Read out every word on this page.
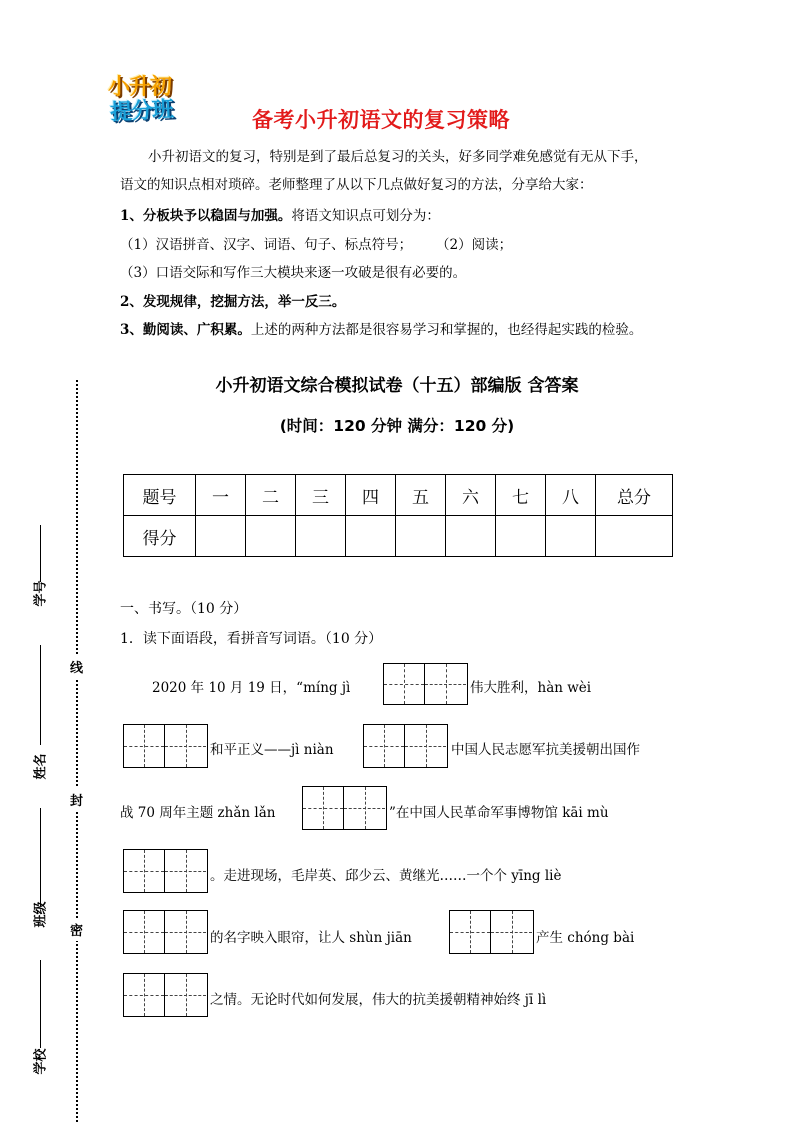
小升初
提分班	备考小升初语文的复习策略
小升初语文的复习，特别是到了最后总复习的关头，好多同学难免感觉有无从下手，
语文的知识点相对琐碎。老师整理了从以下几点做好复习的方法，分享给大家：
1、分板块予以稳固与加强。将语文知识点可划分为：
（1）汉语拼音、汉字、词语、句子、标点符号； （2）阅读；
（3）口语交际和写作三大模块来逐一攻破是很有必要的。
2、发现规律，挖掘方法，举一反三。
3、勤阅读、广积累。上述的两种方法都是很容易学习和掌握的，也经得起实践的检验。
小升初语文综合模拟试卷（十五）部编版 含答案
(时间：120 分钟 满分：120 分)
题号	一	二	三	四	五	六	七	八	总分
得分									
一、书写。（10 分）
1．读下面语段，看拼音写词语。（10 分）
2020 年 10 月 19 日，“míng jì	伟大胜利，hàn wèi
和平正义——jì niàn	中国人民志愿军抗美援朝出国作
战 70 周年主题 zhǎn lǎn	”在中国人民革命军事博物馆 kāi mù
。走进现场，毛岸英、邱少云、黄继光……一个个 yīng liè
的名字映入眼帘，让人 shùn jiān	产生 chóng bài
之情。无论时代如何发展，伟大的抗美援朝精神始终 jī lì
线
封
密
学号
姓名
班级
学校
